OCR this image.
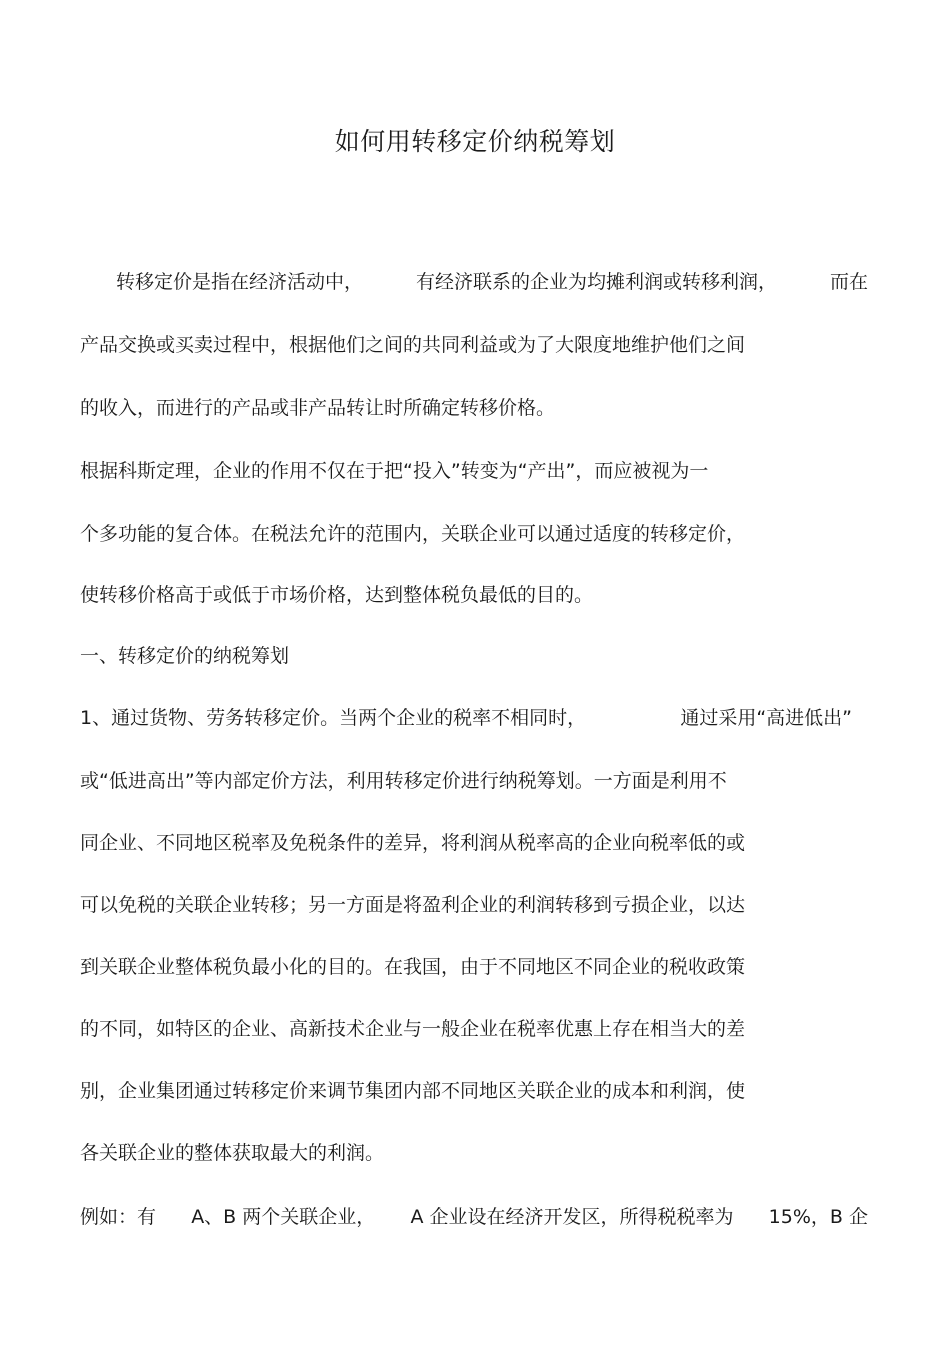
如何用转移定价纳税筹划
转移定价是指在经济活动中，	有经济联系的企业为均摊利润或转移利润，	而在
产品交换或买卖过程中，根据他们之间的共同利益或为了大限度地维护他们之间
的收入，而进行的产品或非产品转让时所确定转移价格。
根据科斯定理，企业的作用不仅在于把“投入”转变为“产出”，而应被视为一
个多功能的复合体。在税法允许的范围内，关联企业可以通过适度的转移定价，
使转移价格高于或低于市场价格，达到整体税负最低的目的。
一、转移定价的纳税筹划
1、通过货物、劳务转移定价。当两个企业的税率不相同时，	通过采用“高进低出”
或“低进高出”等内部定价方法，利用转移定价进行纳税筹划。一方面是利用不
同企业、不同地区税率及免税条件的差异，将利润从税率高的企业向税率低的或
可以免税的关联企业转移；另一方面是将盈利企业的利润转移到亏损企业，以达
到关联企业整体税负最小化的目的。在我国，由于不同地区不同企业的税收政策
的不同，如特区的企业、高新技术企业与一般企业在税率优惠上存在相当大的差
别，企业集团通过转移定价来调节集团内部不同地区关联企业的成本和利润，使
各关联企业的整体获取最大的利润。
例如：有 A、B 两个关联企业， A 企业设在经济开发区，所得税税率为 15%，B 企
